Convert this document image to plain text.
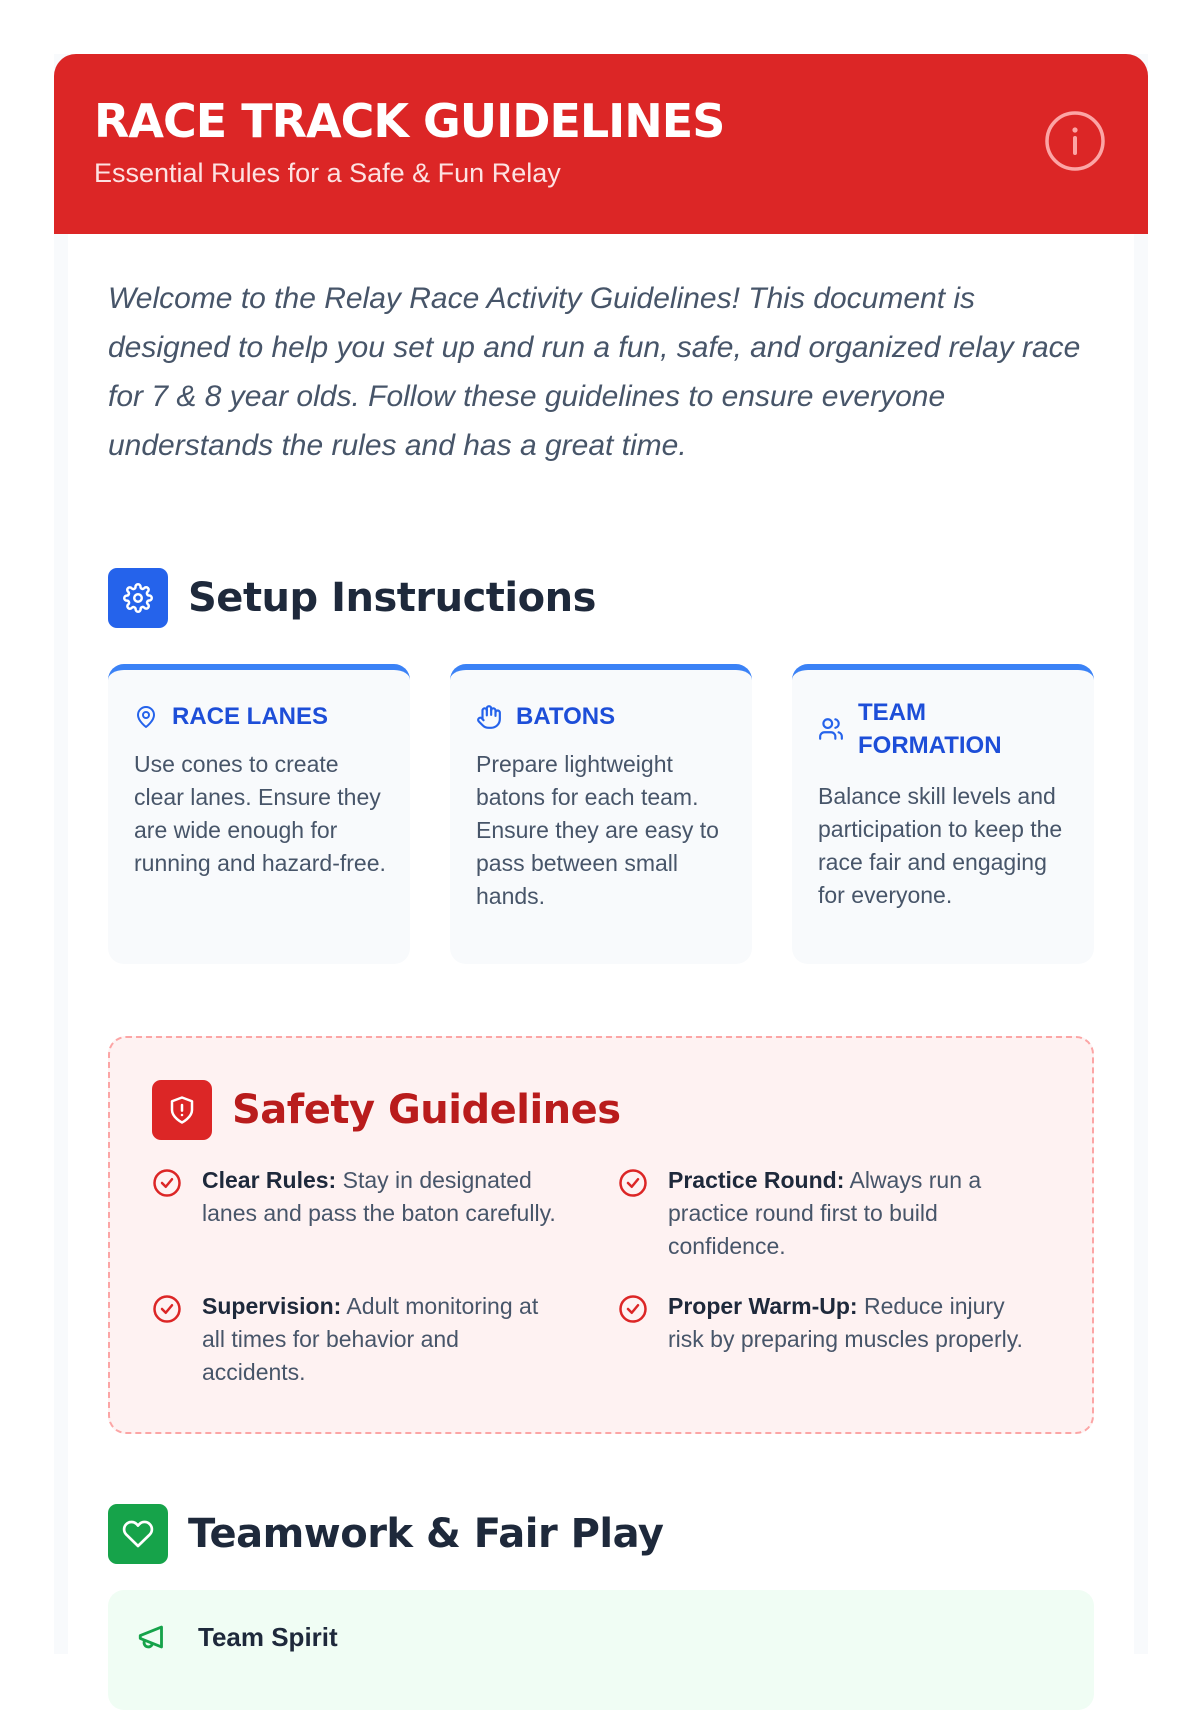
RACE TRACK GUIDELINES
Essential Rules for a Safe & Fun Relay

Welcome to the Relay Race Activity Guidelines! This document is designed to help you set up and run a fun, safe, and organized relay race for 7 & 8 year olds. Follow these guidelines to ensure everyone understands the rules and has a great time.

Setup Instructions
RACE LANES
Use cones to create clear lanes. Ensure they are wide enough for running and hazard-free.
BATONS
Prepare lightweight batons for each team. Ensure they are easy to pass between small hands.
TEAM FORMATION
Balance skill levels and participation to keep the race fair and engaging for everyone.
Safety Guidelines
Clear Rules: Stay in designated lanes and pass the baton carefully.
Practice Round: Always run a practice round first to build confidence.
Supervision: Adult monitoring at all times for behavior and accidents.
Proper Warm-Up: Reduce injury risk by preparing muscles properly.
Teamwork & Fair Play
Team Spirit
